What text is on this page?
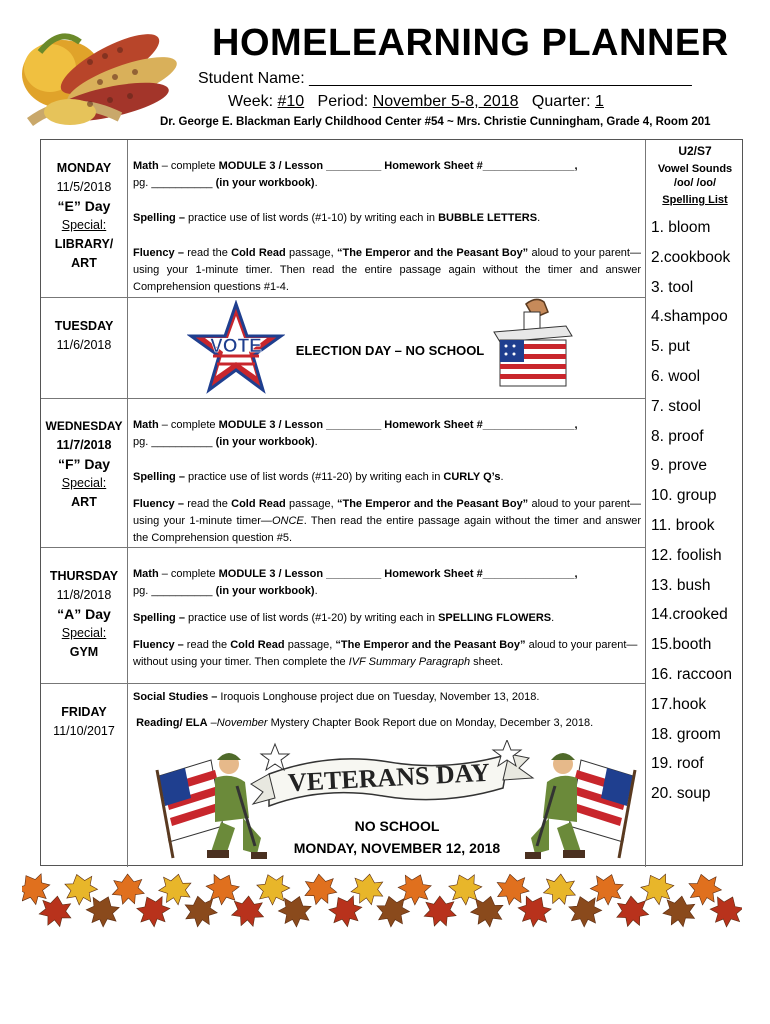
HOMELEARNING PLANNER
Student Name: ___________________________________________
Week: #10 Period: November 5-8, 2018 Quarter: 1
Dr. George E. Blackman Early Childhood Center #54 ~ Mrs. Christie Cunningham, Grade 4, Room 201
MONDAY
11/5/2018
“E” Day
Special:
LIBRARY/
ART
Math – complete MODULE 3 / Lesson _________ Homework Sheet #_______________,
pg. __________ (in your workbook).
Spelling – practice use of list words (#1-10) by writing each in BUBBLE LETTERS.
Fluency – read the Cold Read passage, “The Emperor and the Peasant Boy” aloud to your parent—using your 1-minute timer. Then read the entire passage again without the timer and answer Comprehension questions #1-4.
TUESDAY
11/6/2018	VOTE	ELECTION DAY – NO SCHOOL
WEDNESDAY
11/7/2018
“F” Day
Special:
ART
Math – complete MODULE 3 / Lesson _________ Homework Sheet #_______________,
pg. __________ (in your workbook).
Spelling – practice use of list words (#11-20) by writing each in CURLY Q’s.
Fluency – read the Cold Read passage, “The Emperor and the Peasant Boy” aloud to your parent—using your 1-minute timer—ONCE. Then read the entire passage again without the timer and answer the Comprehension question #5.
THURSDAY
11/8/2018
“A” Day
Special:
GYM
Math – complete MODULE 3 / Lesson _________ Homework Sheet #_______________,
pg. __________ (in your workbook).
Spelling – practice use of list words (#1-20) by writing each in SPELLING FLOWERS.
Fluency – read the Cold Read passage, “The Emperor and the Peasant Boy” aloud to your parent—without using your timer. Then complete the IVF Summary Paragraph sheet.
FRIDAY
11/10/2017
Social Studies – Iroquois Longhouse project due on Tuesday, November 13, 2018.
Reading/ ELA –November Mystery Chapter Book Report due on Monday, December 3, 2018.
VETERANS DAY
NO SCHOOL
MONDAY, NOVEMBER 12, 2018
U2/S7
Vowel Sounds
/oo/ /oo/
Spelling List
1. bloom
2.cookbook
3. tool
4.shampoo
5. put
6. wool
7. stool
8. proof
9. prove
10. group
11. brook
12. foolish
13. bush
14.crooked
15.booth
16. raccoon
17.hook
18. groom
19. roof
20. soup
